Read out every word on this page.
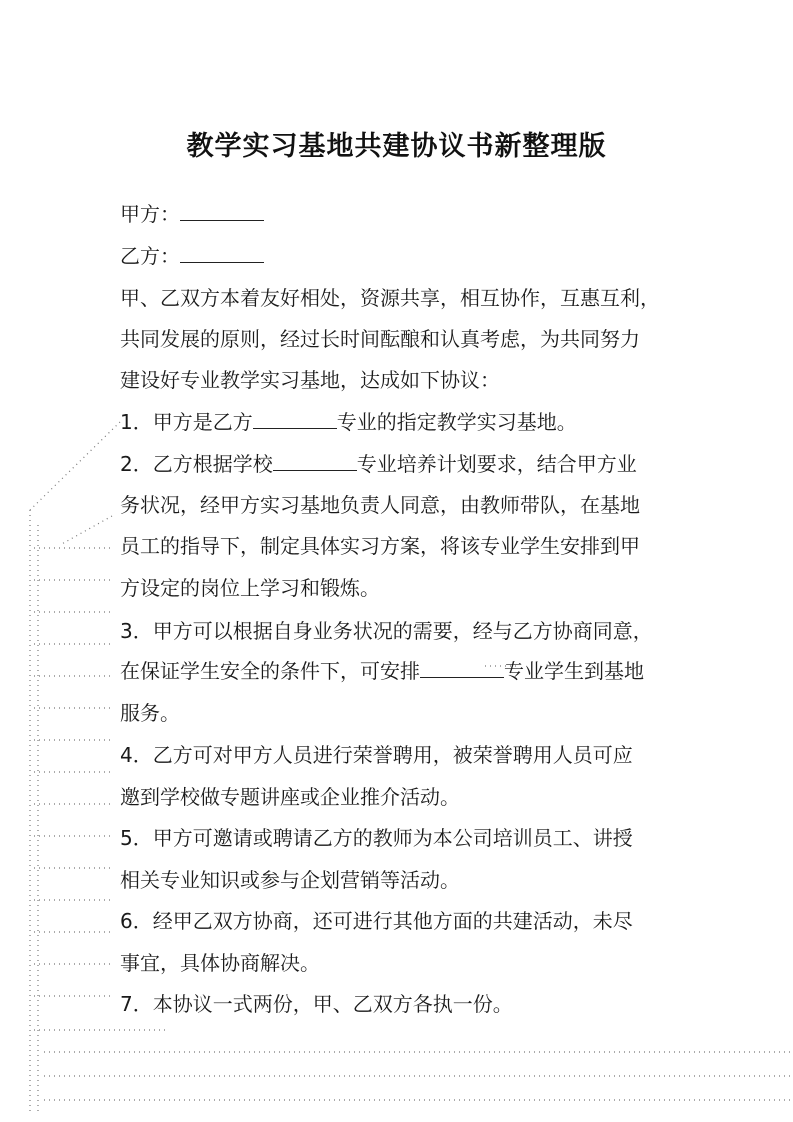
教学实习基地共建协议书新整理版
甲方：
乙方：
甲、乙双方本着友好相处，资源共享，相互协作，互惠互利，
共同发展的原则，经过长时间酝酿和认真考虑，为共同努力
建设好专业教学实习基地，达成如下协议：
1．甲方是乙方	专业的指定教学实习基地。
2．乙方根据学校	专业培养计划要求，结合甲方业
务状况，经甲方实习基地负责人同意，由教师带队，在基地
员工的指导下，制定具体实习方案，将该专业学生安排到甲
方设定的岗位上学习和锻炼。
3．甲方可以根据自身业务状况的需要，经与乙方协商同意，
在保证学生安全的条件下，可安排	专业学生到基地
服务。
4．乙方可对甲方人员进行荣誉聘用，被荣誉聘用人员可应
邀到学校做专题讲座或企业推介活动。
5．甲方可邀请或聘请乙方的教师为本公司培训员工、讲授
相关专业知识或参与企划营销等活动。
6．经甲乙双方协商，还可进行其他方面的共建活动，未尽
事宜，具体协商解决。
7．本协议一式两份，甲、乙双方各执一份。
